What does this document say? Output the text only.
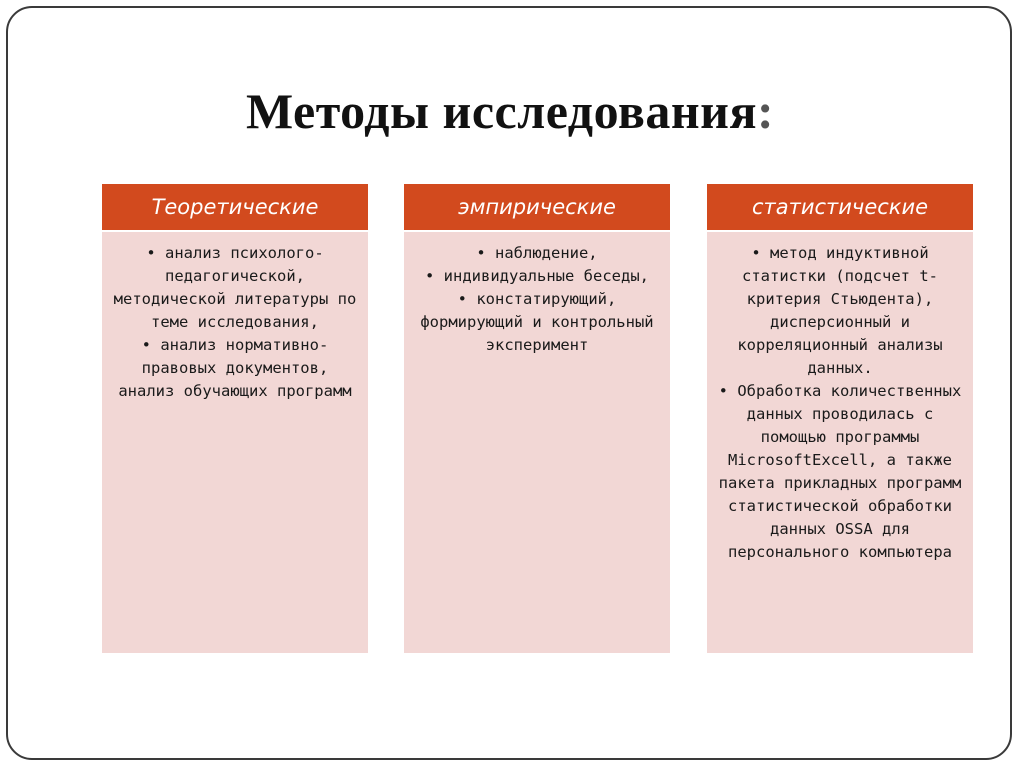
Методы исследования:
Теоретические

• анализ психолого-педагогической, методической литературы по теме исследования,

• анализ нормативно-правовых документов, анализ обучающих программ

эмпирические

• наблюдение,

• индивидуальные беседы,

• констатирующий, формирующий и контрольный эксперимент

статистические

• метод индуктивной статистки (подсчет t-критерия Стьюдента), дисперсионный и корреляционный анализы данных.

• Обработка количественных данных проводилась с помощью программы MicrosoftExcell, а также пакета прикладных программ статистической обработки данных OSSA для персонального компьютера
